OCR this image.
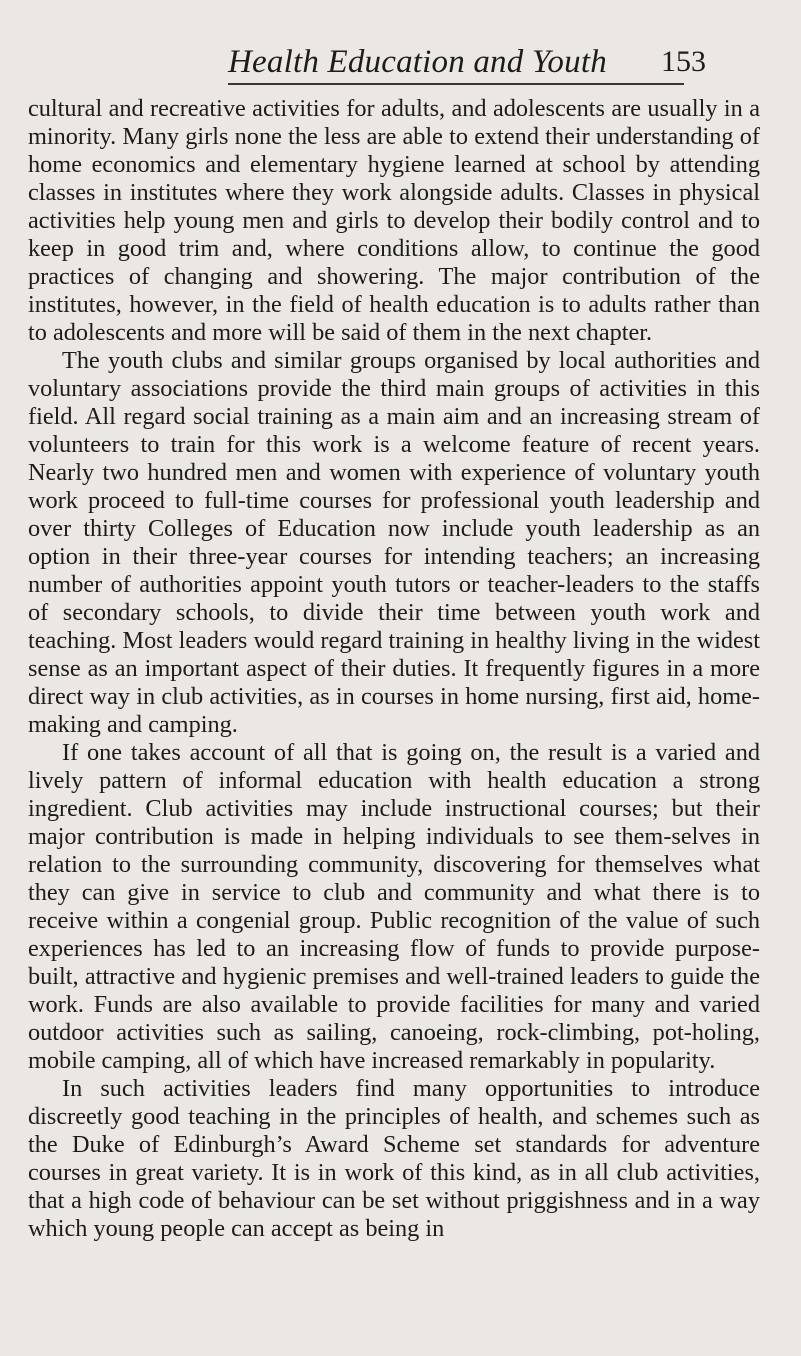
Health Education and Youth 153

cultural and recreative activities for adults, and adolescents are usually in a minority. Many girls none the less are able to extend their understanding of home economics and elementary hygiene learned at school by attending classes in institutes where they work alongside adults. Classes in physical activities help young men and girls to develop their bodily control and to keep in good trim and, where conditions allow, to continue the good practices of changing and showering. The major contribution of the institutes, however, in the field of health education is to adults rather than to adolescents and more will be said of them in the next chapter.

The youth clubs and similar groups organised by local authorities and voluntary associations provide the third main groups of activities in this field. All regard social training as a main aim and an increasing stream of volunteers to train for this work is a welcome feature of recent years. Nearly two hundred men and women with experience of voluntary youth work proceed to full-time courses for professional youth leadership and over thirty Colleges of Education now include youth leadership as an option in their three-year courses for intending teachers; an increasing number of authorities appoint youth tutors or teacher-leaders to the staffs of secondary schools, to divide their time between youth work and teaching. Most leaders would regard training in healthy living in the widest sense as an important aspect of their duties. It frequently figures in a more direct way in club activities, as in courses in home nursing, first aid, home-making and camping.

If one takes account of all that is going on, the result is a varied and lively pattern of informal education with health education a strong ingredient. Club activities may include instructional courses; but their major contribution is made in helping individuals to see them-selves in relation to the surrounding community, discovering for themselves what they can give in service to club and community and what there is to receive within a congenial group. Public recognition of the value of such experiences has led to an increasing flow of funds to provide purpose-built, attractive and hygienic premises and well-trained leaders to guide the work. Funds are also available to provide facilities for many and varied outdoor activities such as sailing, canoeing, rock-climbing, pot-holing, mobile camping, all of which have increased remarkably in popularity.

In such activities leaders find many opportunities to introduce discreetly good teaching in the principles of health, and schemes such as the Duke of Edinburgh’s Award Scheme set standards for adventure courses in great variety. It is in work of this kind, as in all club activities, that a high code of behaviour can be set without priggishness and in a way which young people can accept as being in
